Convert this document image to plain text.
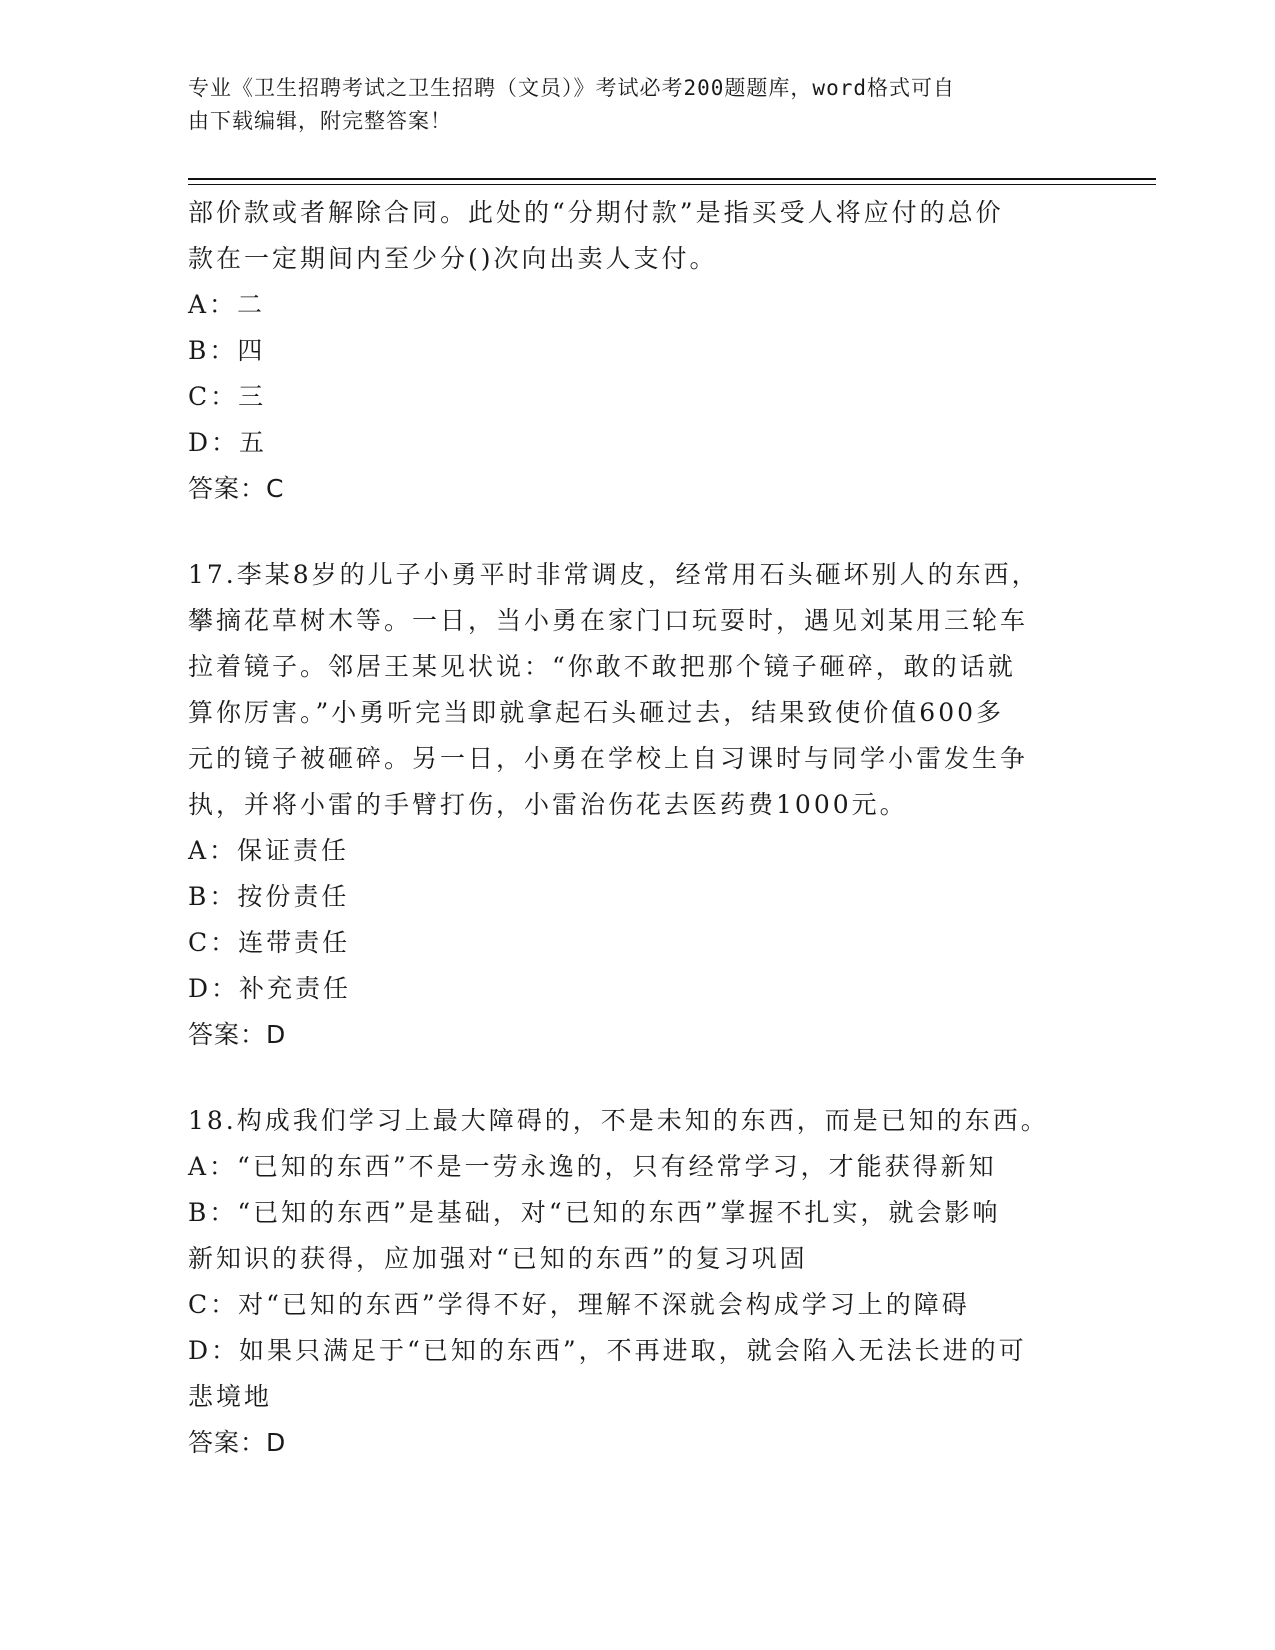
专业《卫生招聘考试之卫生招聘（文员）》考试必考200题题库，word格式可自
由下载编辑，附完整答案！

部价款或者解除合同。此处的“分期付款”是指买受人将应付的总价

款在一定期间内至少分()次向出卖人支付。

A：二

B：四

C：三

D：五

答案：C

17.李某8岁的儿子小勇平时非常调皮，经常用石头砸坏别人的东西，

攀摘花草树木等。一日，当小勇在家门口玩耍时，遇见刘某用三轮车

拉着镜子。邻居王某见状说：“你敢不敢把那个镜子砸碎，敢的话就

算你厉害。”小勇听完当即就拿起石头砸过去，结果致使价值600多

元的镜子被砸碎。另一日，小勇在学校上自习课时与同学小雷发生争

执，并将小雷的手臂打伤，小雷治伤花去医药费1000元。

A：保证责任

B：按份责任

C：连带责任

D：补充责任

答案：D

18.构成我们学习上最大障碍的，不是未知的东西，而是已知的东西。

A：“已知的东西”不是一劳永逸的，只有经常学习，才能获得新知

B：“已知的东西”是基础，对“已知的东西”掌握不扎实，就会影响

新知识的获得，应加强对“已知的东西”的复习巩固

C：对“已知的东西”学得不好，理解不深就会构成学习上的障碍

D：如果只满足于“已知的东西”，不再进取，就会陷入无法长进的可

悲境地

答案：D
